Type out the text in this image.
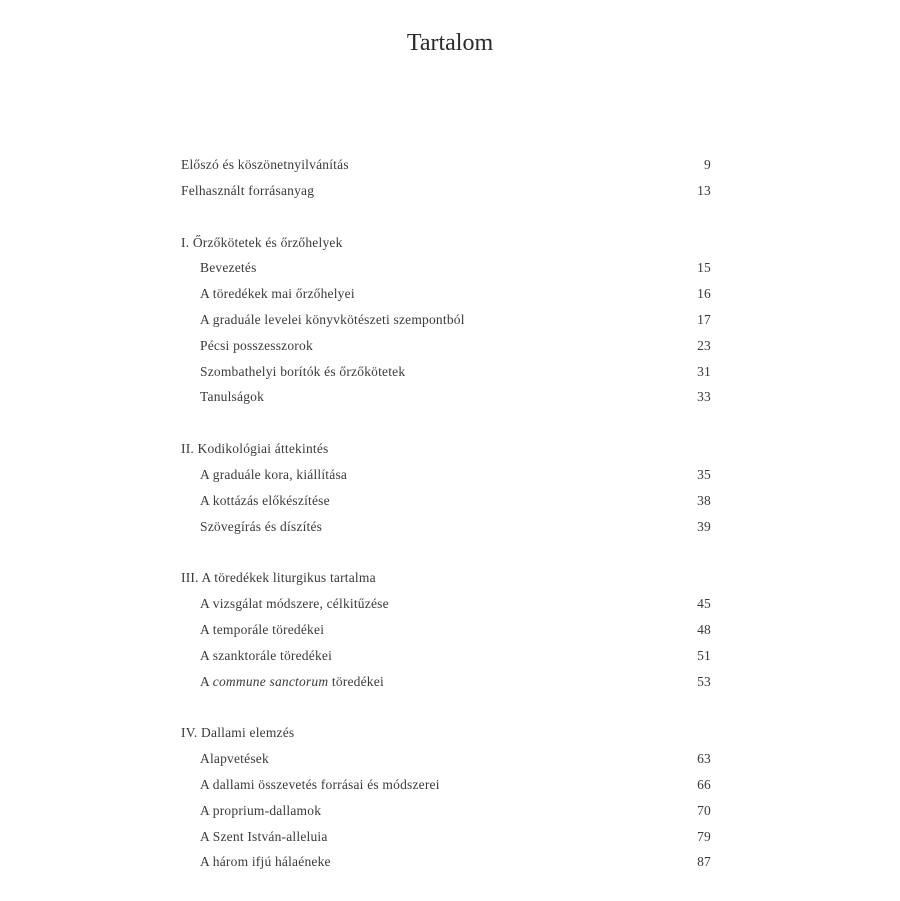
Tartalom
Előszó és köszönetnyilvánítás	9
Felhasznált forrásanyag	13
I. Őrzőkötetek és őrzőhelyek
Bevezetés	15
A töredékek mai őrzőhelyei	16
A graduále levelei könyvkötészeti szempontból	17
Pécsi posszesszorok	23
Szombathelyi borítók és őrzőkötetek	31
Tanulságok	33
II. Kodikológiai áttekintés
A graduále kora, kiállítása	35
A kottázás előkészítése	38
Szövegírás és díszítés	39
III. A töredékek liturgikus tartalma
A vizsgálat módszere, célkitűzése	45
A temporále töredékei	48
A szanktorále töredékei	51
A commune sanctorum töredékei	53
IV. Dallami elemzés
Alapvetések	63
A dallami összevetés forrásai és módszerei	66
A proprium-dallamok	70
A Szent István-alleluia	79
A három ifjú hálaéneke	87
